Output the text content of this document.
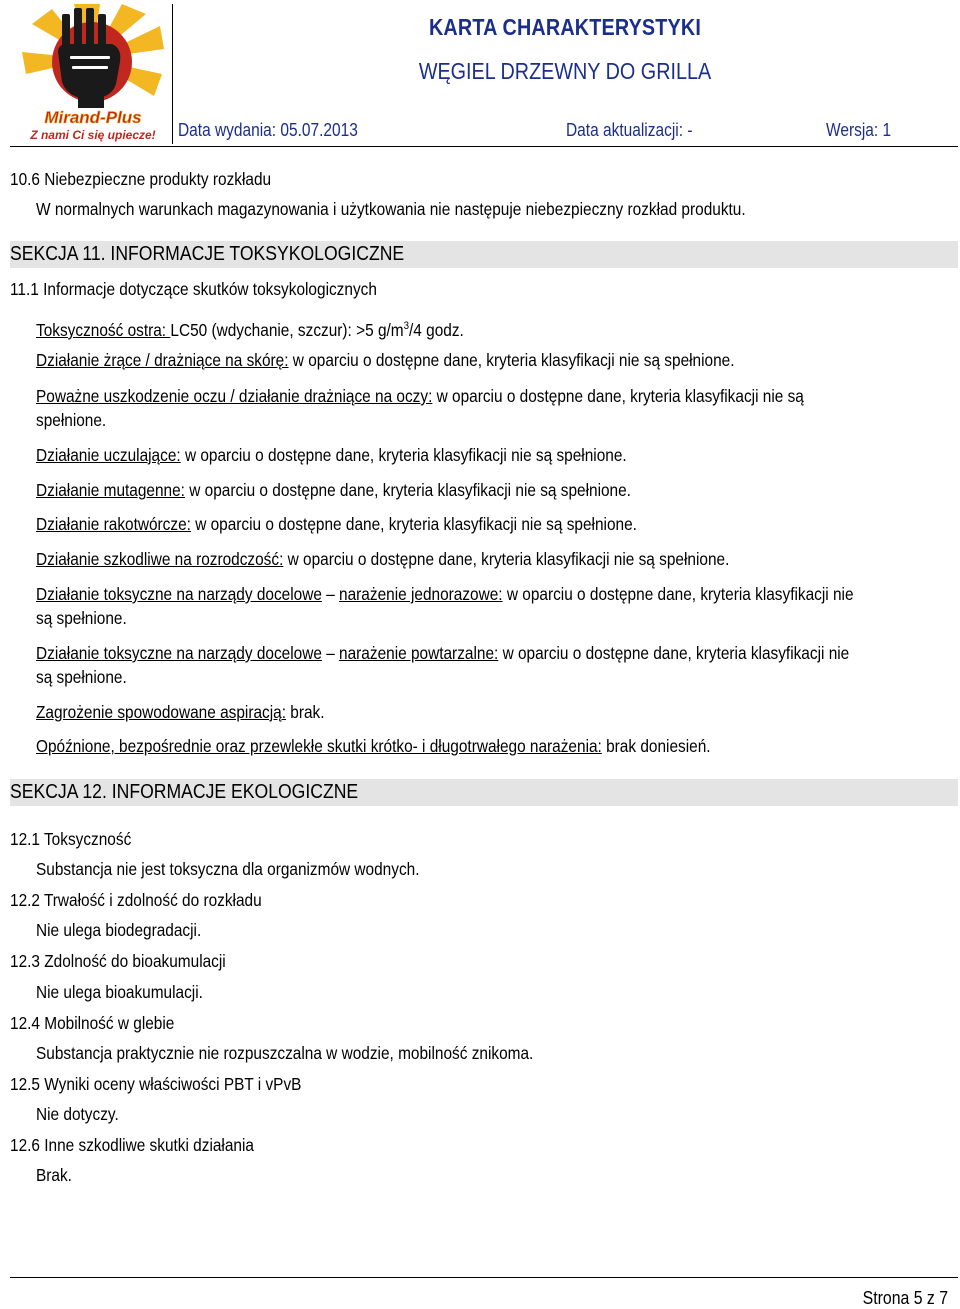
Mirand-Plus
Z nami Ci się upiecze!
KARTA CHARAKTERYSTYKI
WĘGIEL DRZEWNY DO GRILLA
Data wydania: 05.07.2013	Data aktualizacji: -	Wersja: 1
10.6 Niebezpieczne produkty rozkładu
W normalnych warunkach magazynowania i użytkowania nie następuje niebezpieczny rozkład produktu.
SEKCJA 11. INFORMACJE TOKSYKOLOGICZNE
11.1 Informacje dotyczące skutków toksykologicznych
Toksyczność ostra: LC50 (wdychanie, szczur): >5 $g/m^3/4$ godz.
Działanie żrące / drażniące na skórę: w oparciu o dostępne dane, kryteria klasyfikacji nie są spełnione.
Poważne uszkodzenie oczu / działanie drażniące na oczy: w oparciu o dostępne dane, kryteria klasyfikacji nie są
spełnione.
Działanie uczulające: w oparciu o dostępne dane, kryteria klasyfikacji nie są spełnione.
Działanie mutagenne: w oparciu o dostępne dane, kryteria klasyfikacji nie są spełnione.
Działanie rakotwórcze: w oparciu o dostępne dane, kryteria klasyfikacji nie są spełnione.
Działanie szkodliwe na rozrodczość: w oparciu o dostępne dane, kryteria klasyfikacji nie są spełnione.
Działanie toksyczne na narządy docelowe – narażenie jednorazowe: w oparciu o dostępne dane, kryteria klasyfikacji nie
są spełnione.
Działanie toksyczne na narządy docelowe – narażenie powtarzalne: w oparciu o dostępne dane, kryteria klasyfikacji nie
są spełnione.
Zagrożenie spowodowane aspiracją: brak.
Opóźnione, bezpośrednie oraz przewlekłe skutki krótko- i długotrwałego narażenia: brak doniesień.
SEKCJA 12. INFORMACJE EKOLOGICZNE
12.1 Toksyczność
Substancja nie jest toksyczna dla organizmów wodnych.
12.2 Trwałość i zdolność do rozkładu
Nie ulega biodegradacji.
12.3 Zdolność do bioakumulacji
Nie ulega bioakumulacji.
12.4 Mobilność w glebie
Substancja praktycznie nie rozpuszczalna w wodzie, mobilność znikoma.
12.5 Wyniki oceny właściwości PBT i vPvB
Nie dotyczy.
12.6 Inne szkodliwe skutki działania
Brak.
Strona 5 z 7
